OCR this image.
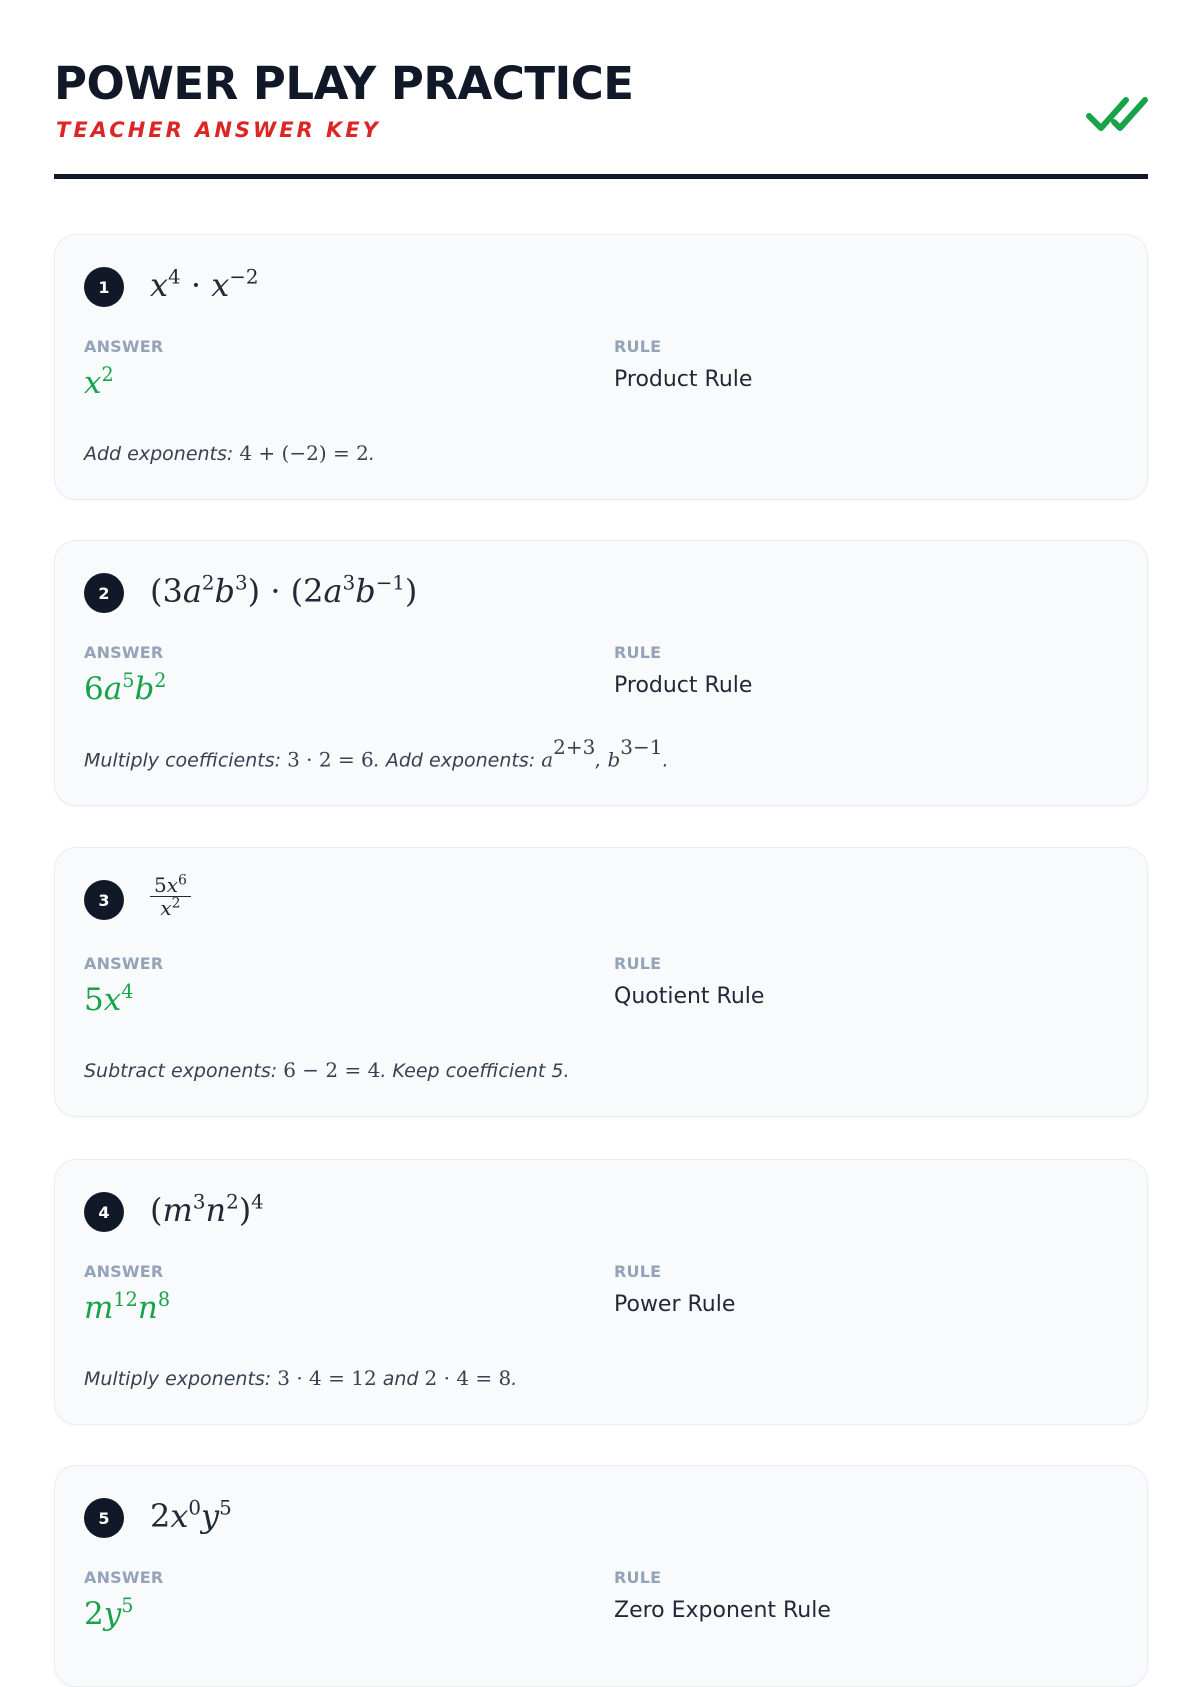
POWER PLAY PRACTICE
TEACHER ANSWER KEY
1	$x^4 \cdot x^{-2}$
ANSWER	RULE
$x^2$	Product Rule
Add exponents: 4 + (−2) = 2.
2	$(3a^2b^3) \cdot (2a^3b^{-1})$
ANSWER	RULE
$6a^5b^2$	Product Rule
Multiply coefficients: 3 · 2 = 6. Add exponents: $a^{2+3}$, $b^{3-1}$.
3	$\frac{5x^6}{x^2}$
ANSWER	RULE
$5x^4$	Quotient Rule
Subtract exponents: 6 − 2 = 4. Keep coefficient 5.
4	$(m^3n^2)^4$
ANSWER	RULE
$m^{12}n^8$	Power Rule
Multiply exponents: 3 · 4 = 12 and 2 · 4 = 8.
5	$2x^0y^5$
ANSWER	RULE
$2y^5$	Zero Exponent Rule
